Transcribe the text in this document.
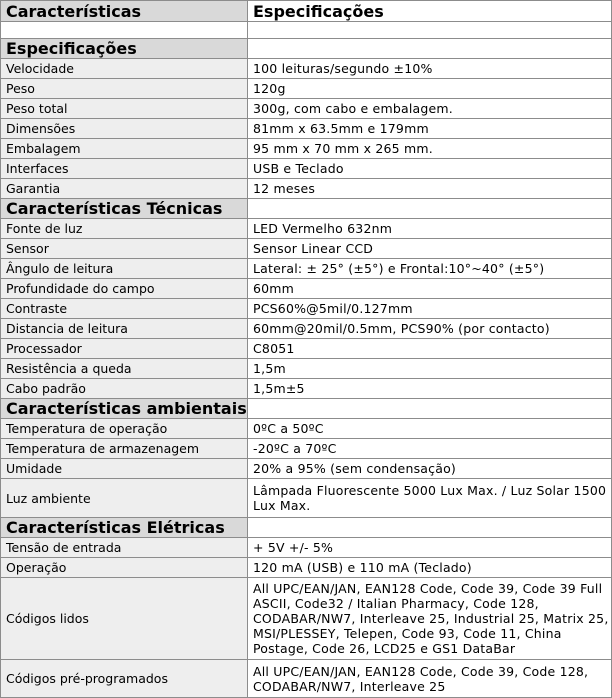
Características	Especificações

Especificações	
Velocidade	100 leituras/segundo ±10%
Peso	120g
Peso total	300g, com cabo e embalagem.
Dimensões	81mm x 63.5mm e 179mm
Embalagem	95 mm x 70 mm x 265 mm.
Interfaces	USB e Teclado
Garantia	12 meses
Características Técnicas	
Fonte de luz	LED Vermelho 632nm
Sensor	Sensor Linear CCD
Ângulo de leitura	Lateral: ± 25° (±5°) e Frontal:10°~40° (±5°)
Profundidade do campo	60mm
Contraste	PCS60%@5mil/0.127mm
Distancia de leitura	60mm@20mil/0.5mm, PCS90% (por contacto)
Processador	C8051
Resistência a queda	1,5m
Cabo padrão	1,5m±5
Características ambientais	
Temperatura de operação	0ºC a 50ºC
Temperatura de armazenagem	-20ºC a 70ºC
Umidade	20% a 95% (sem condensação)
Luz ambiente	Lâmpada Fluorescente 5000 Lux Max. / Luz Solar 1500 Lux Max.
Características Elétricas	
Tensão de entrada	+ 5V +/- 5%
Operação	120 mA (USB) e 110 mA (Teclado)
Códigos lidos	All UPC/EAN/JAN, EAN128 Code, Code 39, Code 39 Full ASCII, Code32 / Italian Pharmacy, Code 128, CODABAR/NW7, Interleave 25, Industrial 25, Matrix 25, MSI/PLESSEY, Telepen, Code 93, Code 11, China Postage, Code 26, LCD25 e GS1 DataBar
Códigos pré-programados	All UPC/EAN/JAN, EAN128 Code, Code 39, Code 128, CODABAR/NW7, Interleave 25
